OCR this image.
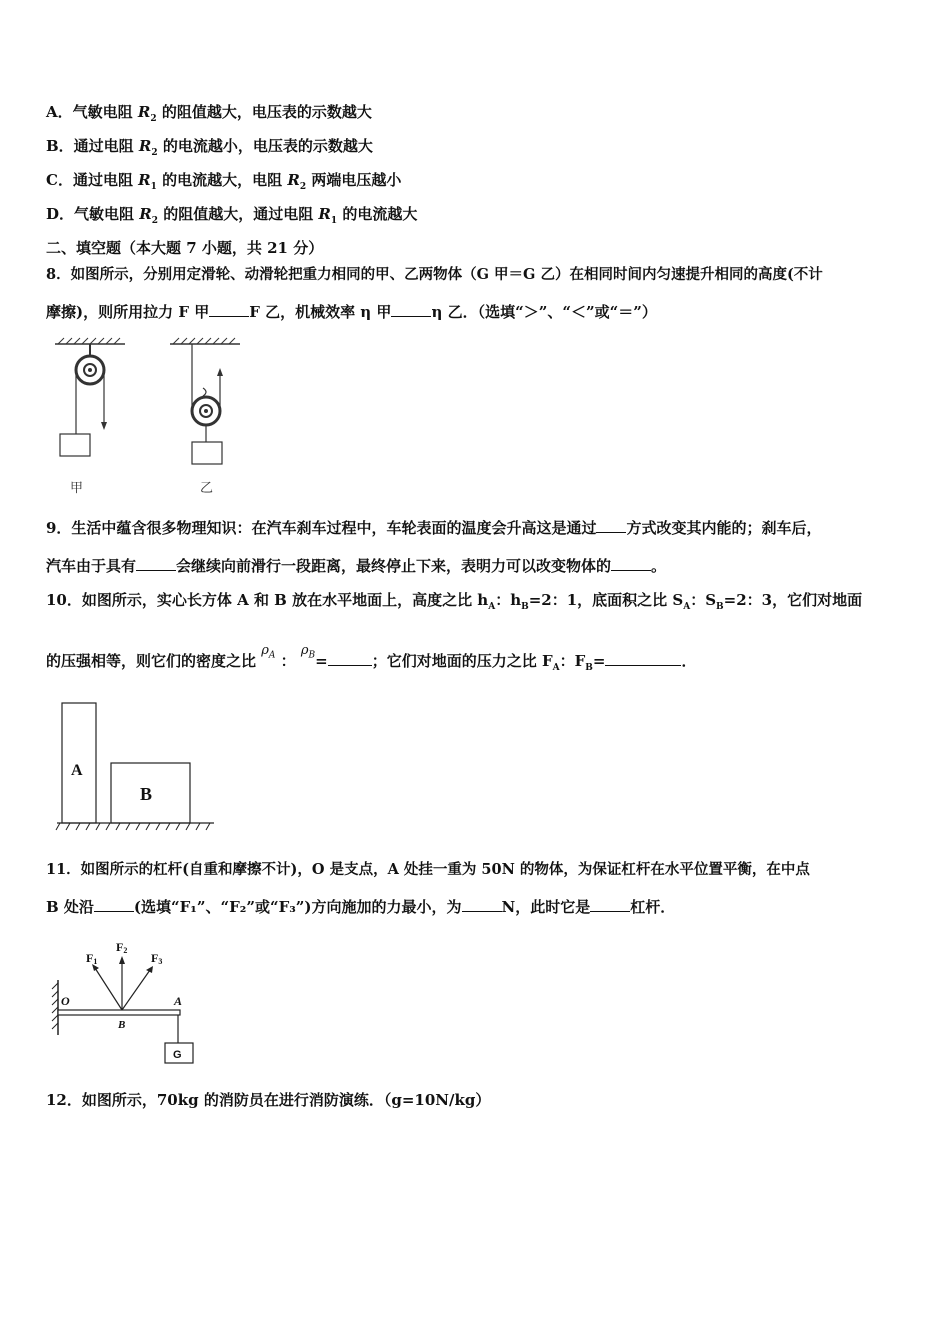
A．气敏电阻 $R_2$ 的阻值越大，电压表的示数越大
B．通过电阻 $R_2$ 的电流越小，电压表的示数越大
C．通过电阻 $R_1$ 的电流越大，电阻 $R_2$ 两端电压越小
D．气敏电阻 $R_2$ 的阻值越大，通过电阻 $R_1$ 的电流越大
二、填空题（本大题 7 小题，共 21 分）
8．如图所示，分别用定滑轮、动滑轮把重力相同的甲、乙两物体（G 甲＝G 乙）在相同时间内匀速提升相同的高度(不计
摩擦)，则所用拉力 F 甲	F 乙，机械效率 η 甲	η 乙．（选填“＞”、“＜”或“＝”）
甲	乙
9．生活中蕴含很多物理知识：在汽车刹车过程中，车轮表面的温度会升高这是通过 方式改变其内能的；刹车后，
汽车由于具有	会继续向前滑行一段距离，最终停止下来，表明力可以改变物体的	。
10．如图所示，实心长方体 A 和 B 放在水平地面上，高度之比 $h_A$：$h_B=2$：1，底面积之比 $S_A$：$S_B=2$：3，它们对地面
的压强相等，则它们的密度之比 $\rho_A$ ： $\rho_B=$	；它们对地面的压力之比 $F_A$：$F_B=$	．
A
B
11．如图所示的杠杆(自重和摩擦不计)，O 是支点，A 处挂一重为 50N 的物体，为保证杠杆在水平位置平衡，在中点
B 处沿	(选填“F₁”、“F₂”或“F₃”)方向施加的力最小，为	N，此时它是	杠杆．
F1
F2
F3
O	A
B
G
12．如图所示，70kg 的消防员在进行消防演练．（g=10N/kg）
